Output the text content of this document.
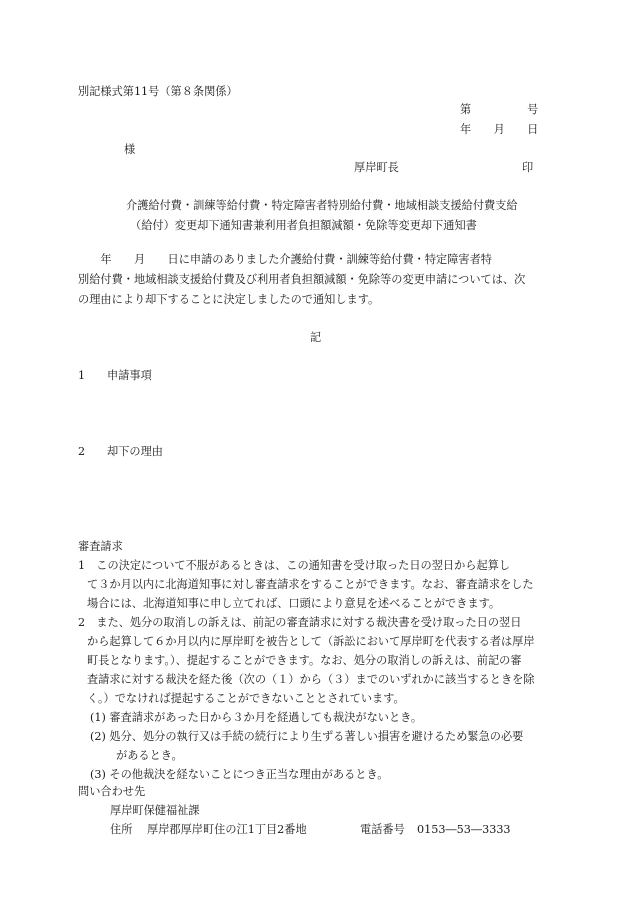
別記様式第11号（第８条関係）
第　　　　　号
年　　月　　日
様
厚岸町長	印
介護給付費・訓練等給付費・特定障害者特別給付費・地域相談支援給付費支給
（給付）変更却下通知書兼利用者負担額減額・免除等変更却下通知書
　　年　　月　　日に申請のありました介護給付費・訓練等給付費・特定障害者特
別給付費・地域相談支援給付費及び利用者負担額減額・免除等の変更申請については、次
の理由により却下することに決定しましたので通知します。
記
1 申請事項
2 却下の理由
審査請求
1　この決定について不服があるときは、この通知書を受け取った日の翌日から起算し
て３か月以内に北海道知事に対し審査請求をすることができます。なお、審査請求をした
場合には、北海道知事に申し立てれば、口頭により意見を述べることができます。
2　また、処分の取消しの訴えは、前記の審査請求に対する裁決書を受け取った日の翌日
から起算して６か月以内に厚岸町を被告として（訴訟において厚岸町を代表する者は厚岸
町長となります。）、提起することができます。なお、処分の取消しの訴えは、前記の審
査請求に対する裁決を経た後（次の（１）から（３）までのいずれかに該当するときを除
く。）でなければ提起することができないこととされています。
(1) 審査請求があった日から３か月を経過しても裁決がないとき。
(2) 処分、処分の執行又は手続の続行により生ずる著しい損害を避けるため緊急の必要
があるとき。
(3) その他裁決を経ないことにつき正当な理由があるとき。
問い合わせ先
厚岸町保健福祉課
住所 厚岸郡厚岸町住の江1丁目2番地	電話番号 0153―53―3333
